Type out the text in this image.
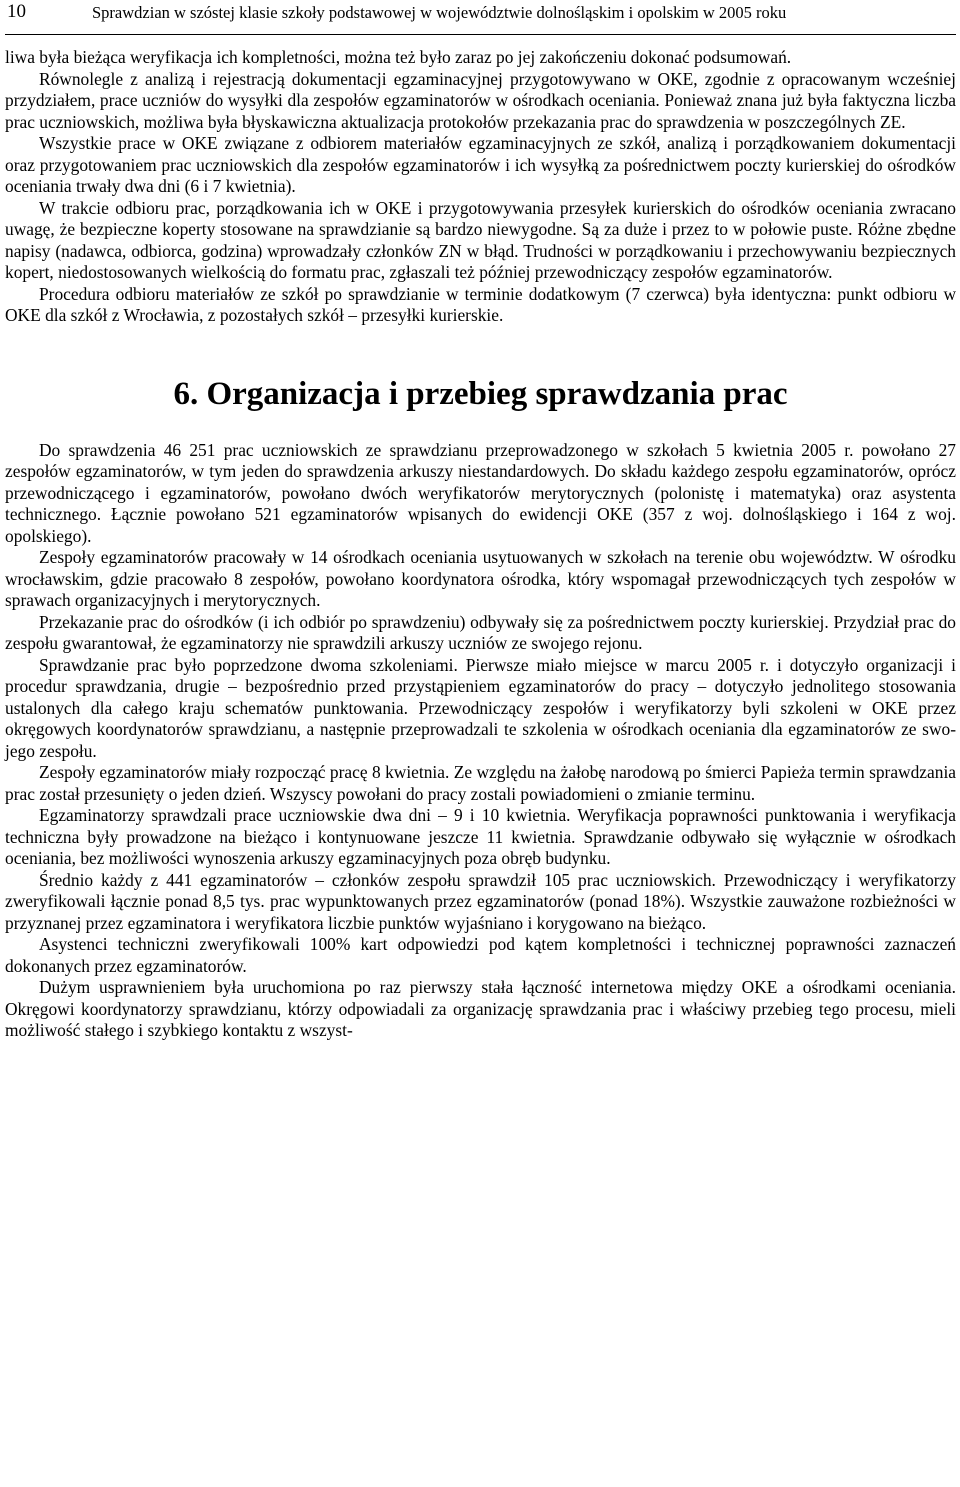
10	Sprawdzian w szóstej klasie szkoły podstawowej w województwie dolnośląskim i opolskim w 2005 roku

liwa była bieżąca weryfikacja ich kompletności, można też było zaraz po jej zakończeniu dokonać podsumowań.

Równolegle z analizą i rejestracją dokumentacji egzaminacyjnej przygotowywano w OKE, zgodnie z opracowanym wcześniej przydziałem, prace uczniów do wysyłki dla zespołów egzaminatorów w ośrodkach oceniania. Ponieważ znana już była faktyczna liczba prac uczniowskich, możliwa była błyskawiczna aktualizacja protokołów przekazania prac do sprawdzenia w poszczególnych ZE.

Wszystkie prace w OKE związane z odbiorem materiałów egzaminacyjnych ze szkół, analizą i porządkowaniem dokumentacji oraz przygotowaniem prac uczniowskich dla zespołów egzaminatorów i ich wysyłką za pośrednictwem poczty kurierskiej do ośrodków oceniania trwały dwa dni (6 i 7 kwietnia).

W trakcie odbioru prac, porządkowania ich w OKE i przygotowywania przesyłek kurierskich do ośrodków oceniania zwracano uwagę, że bezpieczne koperty stosowane na sprawdzianie są bardzo niewygodne. Są za duże i przez to w połowie puste. Różne zbędne napisy (nadawca, odbiorca, godzina) wprowadzały członków ZN w błąd. Trudności w porządkowaniu i przechowywaniu bezpiecznych kopert, niedostosowanych wielkością do formatu prac, zgłaszali też później przewodniczący zespołów egzaminatorów.

Procedura odbioru materiałów ze szkół po sprawdzianie w terminie dodatkowym (7 czerwca) była identyczna: punkt odbioru w OKE dla szkół z Wrocławia, z pozostałych szkół – przesyłki kurierskie.

6. Organizacja i przebieg sprawdzania prac

Do sprawdzenia 46 251 prac uczniowskich ze sprawdzianu przeprowadzonego w szkołach 5 kwietnia 2005 r. powołano 27 zespołów egzaminatorów, w tym jeden do sprawdzenia arkuszy niestandardowych. Do składu każdego zespołu egzaminatorów, oprócz przewodniczącego i egzaminatorów, powołano dwóch weryfikatorów merytorycznych (polonistę i matematyka) oraz asystenta technicznego. Łącznie powołano 521 egzaminatorów wpisanych do ewidencji OKE (357 z woj. dolnośląskiego i 164 z woj. opolskiego).

Zespoły egzaminatorów pracowały w 14 ośrodkach oceniania usytuowanych w szkołach na terenie obu województw. W ośrodku wrocławskim, gdzie pracowało 8 zespołów, powołano koordynatora ośrodka, który wspomagał przewodniczących tych zespołów w sprawach organizacyjnych i merytorycznych.

Przekazanie prac do ośrodków (i ich odbiór po sprawdzeniu) odbywały się za pośrednictwem poczty kurierskiej. Przydział prac do zespołu gwarantował, że egzaminatorzy nie sprawdzili arkuszy uczniów ze swojego rejonu.

Sprawdzanie prac było poprzedzone dwoma szkoleniami. Pierwsze miało miejsce w marcu 2005 r. i dotyczyło organizacji i procedur sprawdzania, drugie – bezpośrednio przed przystąpieniem egzaminatorów do pracy – dotyczyło jednolitego stosowania ustalonych dla całego kraju schematów punktowania. Przewodniczący zespołów i weryfikatorzy byli szkoleni w OKE przez okręgowych koordynatorów sprawdzianu, a następnie przeprowadzali te szkolenia w ośrodkach oceniania dla egzaminatorów ze swojego zespołu.

Zespoły egzaminatorów miały rozpocząć pracę 8 kwietnia. Ze względu na żałobę narodową po śmierci Papieża termin sprawdzania prac został przesunięty o jeden dzień. Wszyscy powołani do pracy zostali powiadomieni o zmianie terminu.

Egzaminatorzy sprawdzali prace uczniowskie dwa dni – 9 i 10 kwietnia. Weryfikacja poprawności punktowania i weryfikacja techniczna były prowadzone na bieżąco i kontynuowane jeszcze 11 kwietnia. Sprawdzanie odbywało się wyłącznie w ośrodkach oceniania, bez możliwości wynoszenia arkuszy egzaminacyjnych poza obręb budynku.

Średnio każdy z 441 egzaminatorów – członków zespołu sprawdził 105 prac uczniowskich. Przewodniczący i weryfikatorzy zweryfikowali łącznie ponad 8,5 tys. prac wypunktowanych przez egzaminatorów (ponad 18%). Wszystkie zauważone rozbieżności w przyznanej przez egzaminatora i weryfikatora liczbie punktów wyjaśniano i korygowano na bieżąco.

Asystenci techniczni zweryfikowali 100% kart odpowiedzi pod kątem kompletności i technicznej poprawności zaznaczeń dokonanych przez egzaminatorów.

Dużym usprawnieniem była uruchomiona po raz pierwszy stała łączność internetowa między OKE a ośrodkami oceniania. Okręgowi koordynatorzy sprawdzianu, którzy odpowiadali za organizację sprawdzania prac i właściwy przebieg tego procesu, mieli możliwość stałego i szybkiego kontaktu z wszyst-
